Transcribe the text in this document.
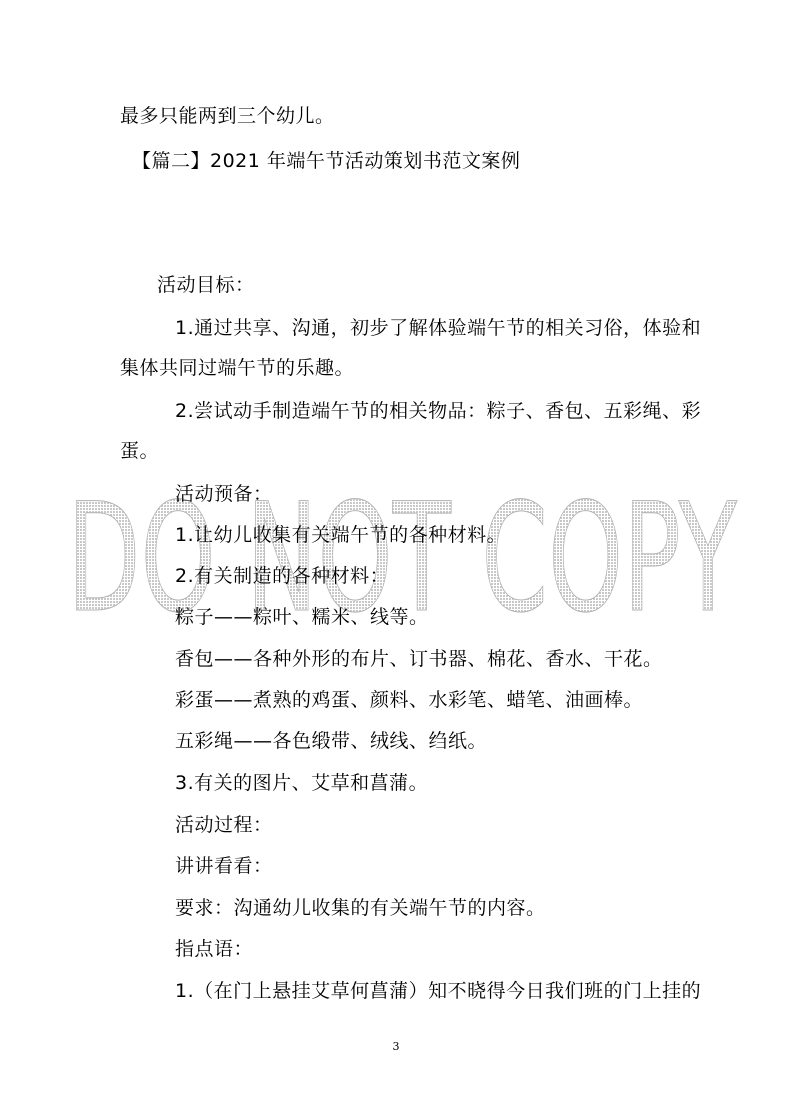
DO NOT COPY
最多只能两到三个幼儿。
【篇二】2021 年端午节活动策划书范文案例
活动目标：
1.通过共享、沟通，初步了解体验端午节的相关习俗，体验和
集体共同过端午节的乐趣。
2.尝试动手制造端午节的相关物品：粽子、香包、五彩绳、彩
蛋。
活动预备：
1.让幼儿收集有关端午节的各种材料。
2.有关制造的各种材料：
粽子——粽叶、糯米、线等。
香包——各种外形的布片、订书器、棉花、香水、干花。
彩蛋——煮熟的鸡蛋、颜料、水彩笔、蜡笔、油画棒。
五彩绳——各色缎带、绒线、绉纸。
3.有关的图片、艾草和菖蒲。
活动过程：
讲讲看看：
要求：沟通幼儿收集的有关端午节的内容。
指点语：
1.（在门上悬挂艾草何菖蒲）知不晓得今日我们班的门上挂的
3
